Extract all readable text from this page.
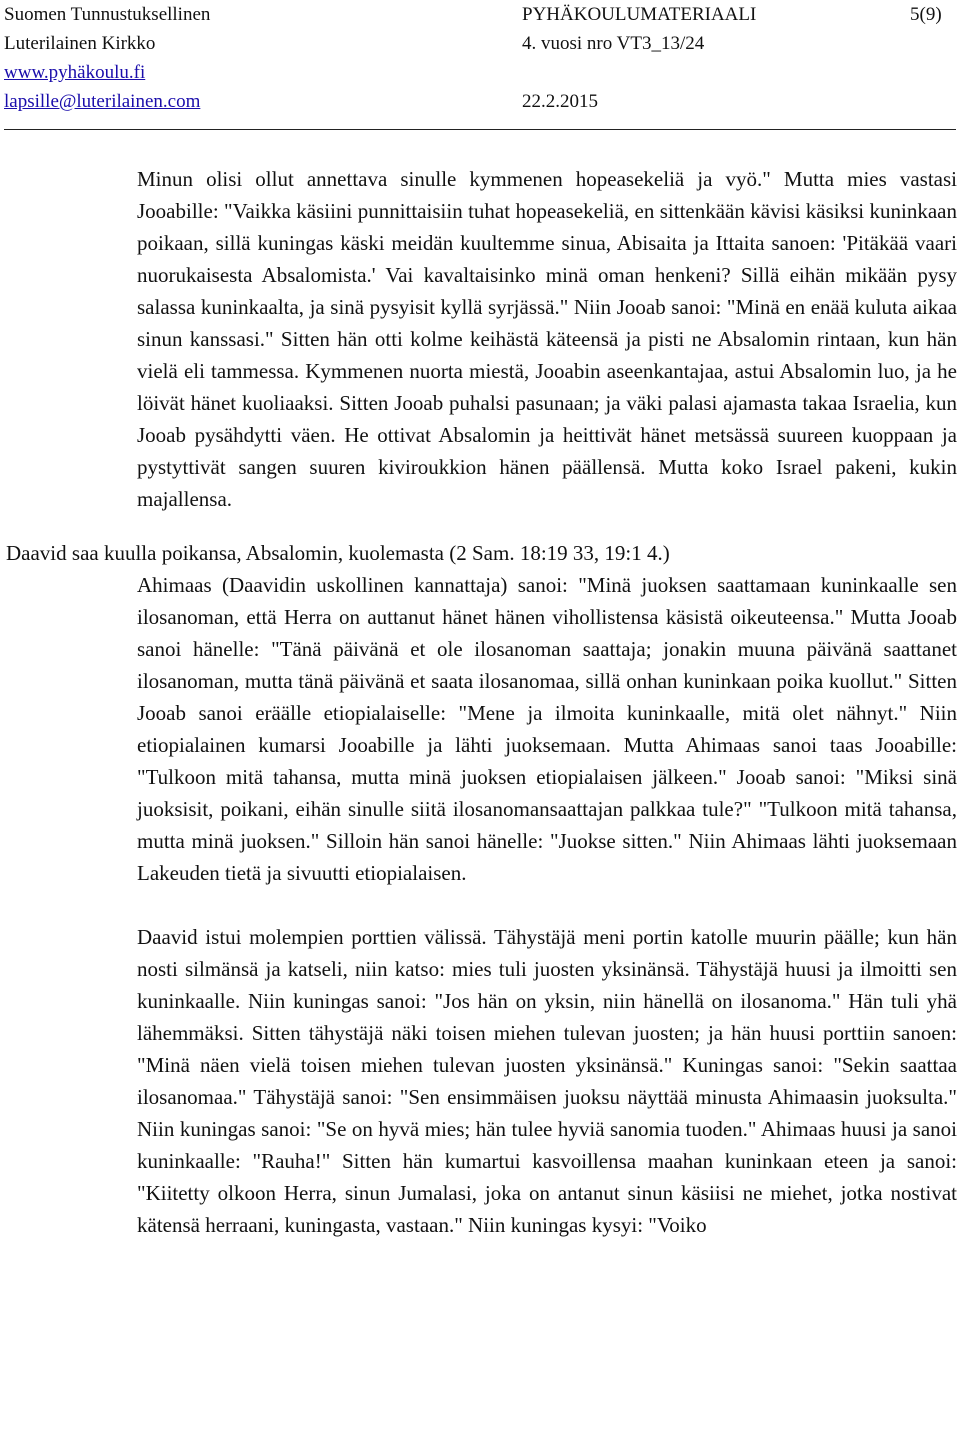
Suomen Tunnustuksellinen	PYHÄKOULUMATERIAALI	5(9)
Luterilainen Kirkko	4. vuosi nro VT3_13/24
www.pyhäkoulu.fi
lapsille@luterilainen.com	22.2.2015

Minun olisi ollut annettava sinulle kymmenen hopeasekeliä ja vyö." Mutta mies vastasi Jooabille: "Vaikka käsiini punnittaisiin tuhat hopeasekeliä, en sittenkään kävisi käsiksi kuninkaan poikaan, sillä kuningas käski meidän kuultemme sinua, Abisaita ja Ittaita sanoen: 'Pitäkää vaari nuorukaisesta Absalomista.' Vai kavaltaisinko minä oman henkeni? Sillä eihän mikään pysy salassa kuninkaalta, ja sinä pysyisit kyllä syrjässä." Niin Jooab sanoi: "Minä en enää kuluta aikaa sinun kanssasi." Sitten hän otti kolme keihästä käteensä ja pisti ne Absalomin rintaan, kun hän vielä eli tammessa. Kymmenen nuorta miestä, Jooabin aseenkantajaa, astui Absalomin luo, ja he löivät hänet kuoliaaksi. Sitten Jooab puhalsi pasunaan; ja väki palasi ajamasta takaa Israelia, kun Jooab pysähdytti väen. He ottivat Absalomin ja heittivät hänet metsässä suureen kuoppaan ja pystyttivät sangen suuren kiviroukkion hänen päällensä. Mutta koko Israel pakeni, kukin majallensa.

Daavid saa kuulla poikansa, Absalomin, kuolemasta (2 Sam. 18:19 33, 19:1 4.)

Ahimaas (Daavidin uskollinen kannattaja) sanoi: "Minä juoksen saattamaan kuninkaalle sen ilosanoman, että Herra on auttanut hänet hänen vihollistensa käsistä oikeuteensa." Mutta Jooab sanoi hänelle: "Tänä päivänä et ole ilosanoman saattaja; jonakin muuna päivänä saattanet ilosanoman, mutta tänä päivänä et saata ilosanomaa, sillä onhan kuninkaan poika kuollut." Sitten Jooab sanoi eräälle etiopialaiselle: "Mene ja ilmoita kuninkaalle, mitä olet nähnyt." Niin etiopialainen kumarsi Jooabille ja lähti juoksemaan. Mutta Ahimaas sanoi taas Jooabille: "Tulkoon mitä tahansa, mutta minä juoksen etiopialaisen jälkeen." Jooab sanoi: "Miksi sinä juoksisit, poikani, eihän sinulle siitä ilosanomansaattajan palkkaa tule?" "Tulkoon mitä tahansa, mutta minä juoksen." Silloin hän sanoi hänelle: "Juokse sitten." Niin Ahimaas lähti juoksemaan Lakeuden tietä ja sivuutti etiopialaisen.

Daavid istui molempien porttien välissä. Tähystäjä meni portin katolle muurin päälle; kun hän nosti silmänsä ja katseli, niin katso: mies tuli juosten yksinänsä. Tähystäjä huusi ja ilmoitti sen kuninkaalle. Niin kuningas sanoi: "Jos hän on yksin, niin hänellä on ilosanoma." Hän tuli yhä lähemmäksi. Sitten tähystäjä näki toisen miehen tulevan juosten; ja hän huusi porttiin sanoen: "Minä näen vielä toisen miehen tulevan juosten yksinänsä." Kuningas sanoi: "Sekin saattaa ilosanomaa." Tähystäjä sanoi: "Sen ensimmäisen juoksu näyttää minusta Ahimaasin juoksulta." Niin kuningas sanoi: "Se on hyvä mies; hän tulee hyviä sanomia tuoden." Ahimaas huusi ja sanoi kuninkaalle: "Rauha!" Sitten hän kumartui kasvoillensa maahan kuninkaan eteen ja sanoi: "Kiitetty olkoon Herra, sinun Jumalasi, joka on antanut sinun käsiisi ne miehet, jotka nostivat kätensä herraani, kuningasta, vastaan." Niin kuningas kysyi: "Voiko
